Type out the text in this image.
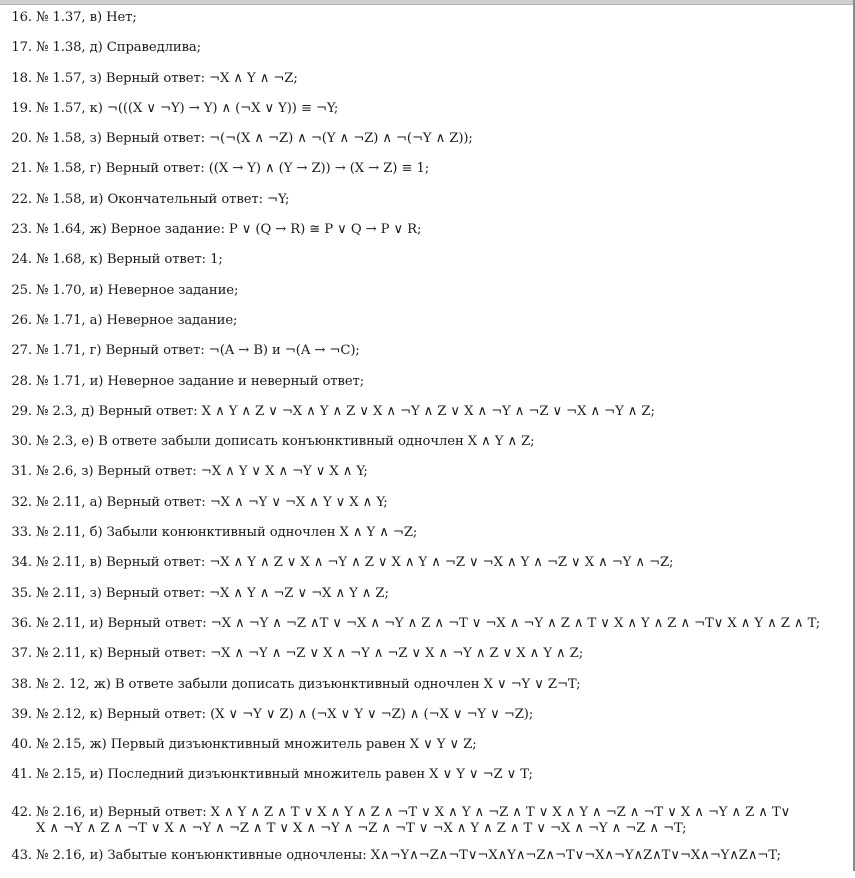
16. № 1.37, в) Нет;
17. № 1.38, д) Справедлива;
18. № 1.57, з) Верный ответ: ¬X ∧ Y ∧ ¬Z;
19. № 1.57, к) ¬(((X ∨ ¬Y) → Y) ∧ (¬X ∨ Y)) ≡ ¬Y;
20. № 1.58, з) Верный ответ: ¬(¬(X ∧ ¬Z) ∧ ¬(Y ∧ ¬Z) ∧ ¬(¬Y ∧ Z));
21. № 1.58, г) Верный ответ: ((X → Y) ∧ (Y → Z)) → (X → Z) ≡ 1;
22. № 1.58, и) Окончательный ответ: ¬Y;
23. № 1.64, ж) Верное задание: P ∨ (Q → R) ≅ P ∨ Q → P ∨ R;
24. № 1.68, к) Верный ответ: 1;
25. № 1.70, и) Неверное задание;
26. № 1.71, а) Неверное задание;
27. № 1.71, г) Верный ответ: ¬(A → B) и ¬(A → ¬C);
28. № 1.71, и) Неверное задание и неверный ответ;
29. № 2.3, д) Верный ответ: X ∧ Y ∧ Z ∨ ¬X ∧ Y ∧ Z ∨ X ∧ ¬Y ∧ Z ∨ X ∧ ¬Y ∧ ¬Z ∨ ¬X ∧ ¬Y ∧ Z;
30. № 2.3, е) В ответе забыли дописать конъюнктивный одночлен X ∧ Y ∧ Z;
31. № 2.6, з) Верный ответ: ¬X ∧ Y ∨ X ∧ ¬Y ∨ X ∧ Y;
32. № 2.11, а) Верный ответ: ¬X ∧ ¬Y ∨ ¬X ∧ Y ∨ X ∧ Y;
33. № 2.11, б) Забыли конюнктивный одночлен X ∧ Y ∧ ¬Z;
34. № 2.11, в) Верный ответ: ¬X ∧ Y ∧ Z ∨ X ∧ ¬Y ∧ Z ∨ X ∧ Y ∧ ¬Z ∨ ¬X ∧ Y ∧ ¬Z ∨ X ∧ ¬Y ∧ ¬Z;
35. № 2.11, з) Верный ответ: ¬X ∧ Y ∧ ¬Z ∨ ¬X ∧ Y ∧ Z;
36. № 2.11, и) Верный ответ: ¬X ∧ ¬Y ∧ ¬Z ∧T ∨ ¬X ∧ ¬Y ∧ Z ∧ ¬T ∨ ¬X ∧ ¬Y ∧ Z ∧ T ∨ X ∧ Y ∧ Z ∧ ¬T∨ X ∧ Y ∧ Z ∧ T;
37. № 2.11, к) Верный ответ: ¬X ∧ ¬Y ∧ ¬Z ∨ X ∧ ¬Y ∧ ¬Z ∨ X ∧ ¬Y ∧ Z ∨ X ∧ Y ∧ Z;
38. № 2. 12, ж) В ответе забыли дописать дизъюнктивный одночлен X ∨ ¬Y ∨ Z¬T;
39. № 2.12, к) Верный ответ: (X ∨ ¬Y ∨ Z) ∧ (¬X ∨ Y ∨ ¬Z) ∧ (¬X ∨ ¬Y ∨ ¬Z);
40. № 2.15, ж) Первый дизъюнктивный множитель равен X ∨ Y ∨ Z;
41. № 2.15, и) Последний дизъюнктивный множитель равен X ∨ Y ∨ ¬Z ∨ T;
42. № 2.16, и) Верный ответ: X ∧ Y ∧ Z ∧ T ∨ X ∧ Y ∧ Z ∧ ¬T ∨ X ∧ Y ∧ ¬Z ∧ T ∨ X ∧ Y ∧ ¬Z ∧ ¬T ∨ X ∧ ¬Y ∧ Z ∧ T∨
X ∧ ¬Y ∧ Z ∧ ¬T ∨ X ∧ ¬Y ∧ ¬Z ∧ T ∨ X ∧ ¬Y ∧ ¬Z ∧ ¬T ∨ ¬X ∧ Y ∧ Z ∧ T ∨ ¬X ∧ ¬Y ∧ ¬Z ∧ ¬T;
43. № 2.16, и) Забытые конъюнктивные одночлены: X∧¬Y∧¬Z∧¬T∨¬X∧Y∧¬Z∧¬T∨¬X∧¬Y∧Z∧T∨¬X∧¬Y∧Z∧¬T;
